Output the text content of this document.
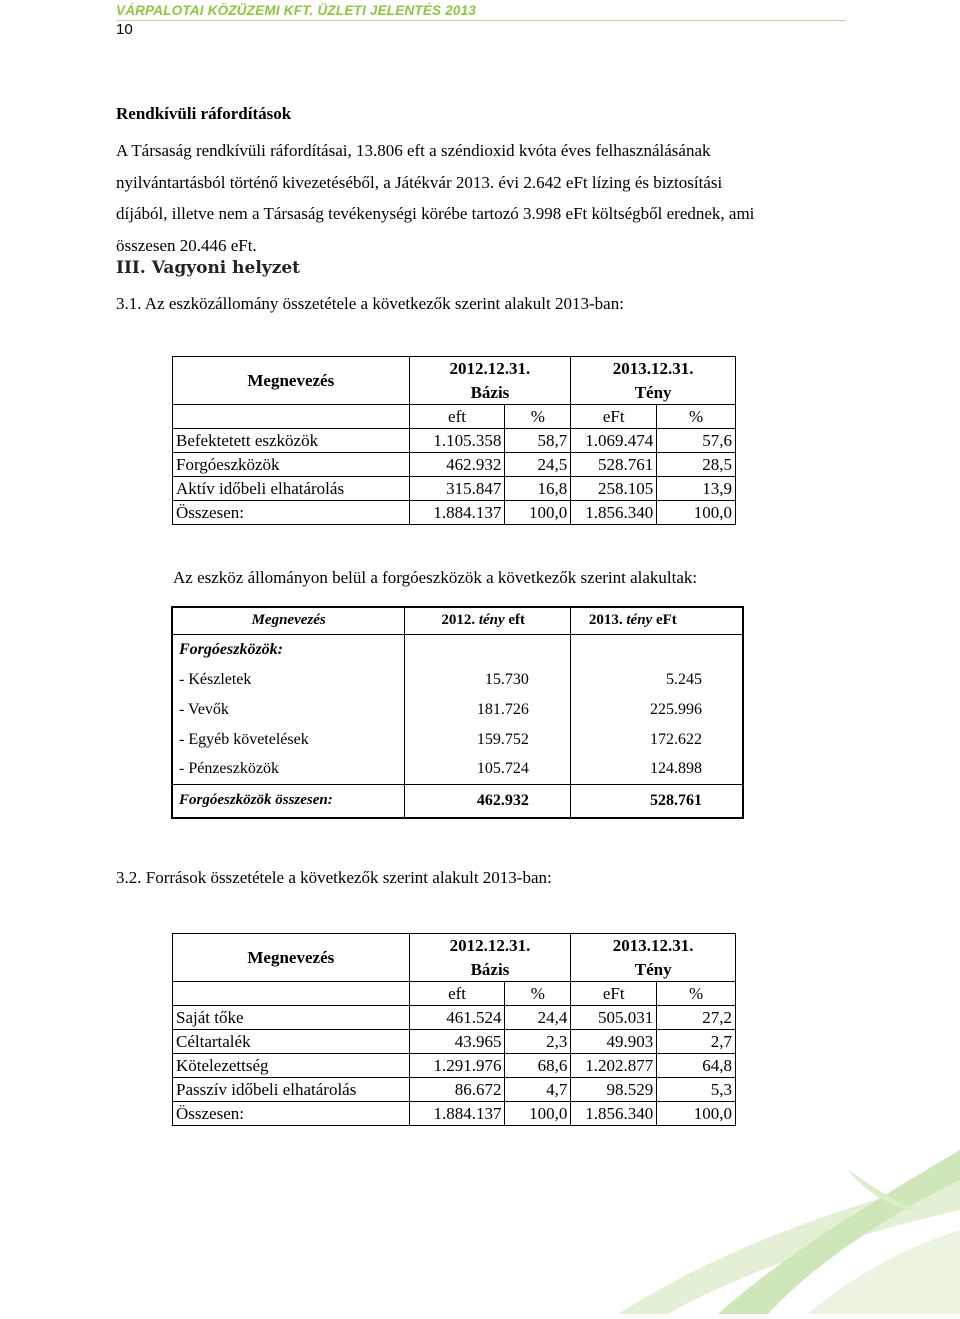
VÁRPALOTAI KÖZÜZEMI KFT. ÜZLETI JELENTÉS 2013
10
Rendkívüli ráfordítások
A Társaság rendkívüli ráfordításai, 13.806 eft a széndioxid kvóta éves felhasználásának
nyilvántartásból történő kivezetéséből, a Játékvár 2013. évi 2.642 eFt lízing és biztosítási
díjából, illetve nem a Társaság tevékenységi körébe tartozó 3.998 eFt költségből erednek, ami
összesen 20.446 eFt.
III. Vagyoni helyzet
3.1. Az eszközállomány összetétele a következők szerint alakult 2013-ban:
Megnevezés	2012.12.31.		2013.12.31.	
	Bázis		Tény	
	eft	%	eFt	%
Befektetett eszközök	1.105.358	58,7	1.069.474	57,6
Forgóeszközök	462.932	24,5	528.761	28,5
Aktív időbeli elhatárolás	315.847	16,8	258.105	13,9
Összesen:	1.884.137	100,0	1.856.340	100,0
Az eszköz állományon belül a forgóeszközök a következők szerint alakultak:
Megnevezés	2012. tény eft	2013. tény eFt
Forgóeszközök:		
- Készletek	15.730	5.245
- Vevők	181.726	225.996
- Egyéb követelések	159.752	172.622
- Pénzeszközök	105.724	124.898
Forgóeszközök összesen:	462.932	528.761
3.2. Források összetétele a következők szerint alakult 2013-ban:
Megnevezés	2012.12.31.		2013.12.31.	
	Bázis		Tény	
	eft	%	eFt	%
Saját tőke	461.524	24,4	505.031	27,2
Céltartalék	43.965	2,3	49.903	2,7
Kötelezettség	1.291.976	68,6	1.202.877	64,8
Passzív időbeli elhatárolás	86.672	4,7	98.529	5,3
Összesen:	1.884.137	100,0	1.856.340	100,0
